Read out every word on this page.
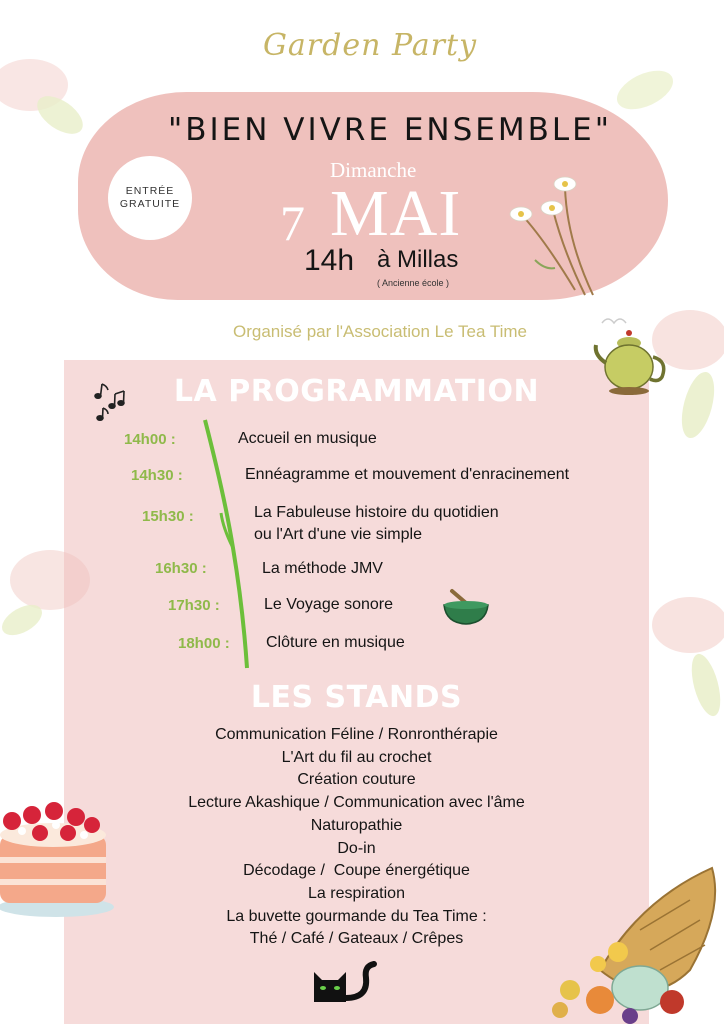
Garden Party
"BIEN VIVRE ENSEMBLE"
ENTRÉE
GRATUITE
Dimanche
7 MAI
14h à Millas
( Ancienne école )
Organisé par l'Association Le Tea Time
LA PROGRAMMATION
14h00 :	Accueil en musique
14h30 :	Ennéagramme et mouvement d'enracinement
15h30 :	La Fabuleuse histoire du quotidien
ou l'Art d'une vie simple
16h30 :	La méthode JMV
17h30 :	Le Voyage sonore
18h00 : Clôture en musique
LES STANDS
Communication Féline / Ronronthérapie
L'Art du fil au crochet
Création couture
Lecture Akashique / Communication avec l'âme
Naturopathie
Do-in
Décodage /  Coupe énergétique
La respiration
La buvette gourmande du Tea Time :
Thé / Café / Gateaux / Crêpes
